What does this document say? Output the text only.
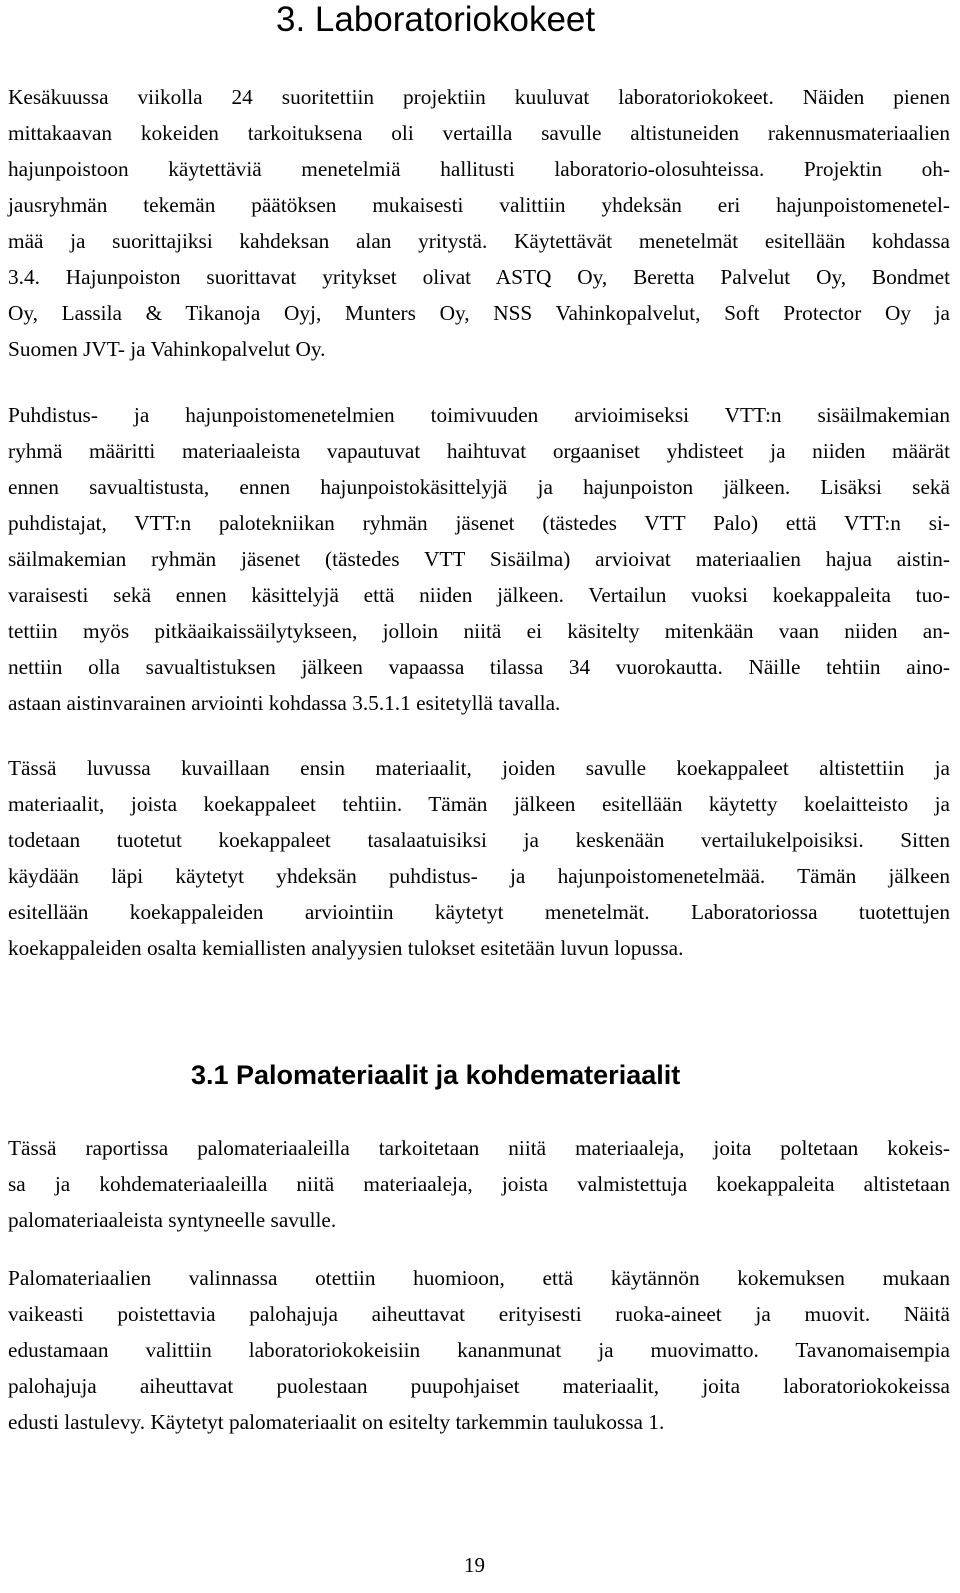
3. Laboratoriokokeet
Kesäkuussa viikolla 24 suoritettiin projektiin kuuluvat laboratoriokokeet. Näiden pienen
mittakaavan kokeiden tarkoituksena oli vertailla savulle altistuneiden rakennusmateriaalien
hajunpoistoon käytettäviä menetelmiä hallitusti laboratorio-olosuhteissa. Projektin oh-
jausryhmän tekemän päätöksen mukaisesti valittiin yhdeksän eri hajunpoistomenetel-
mää ja suorittajiksi kahdeksan alan yritystä. Käytettävät menetelmät esitellään kohdassa
3.4. Hajunpoiston suorittavat yritykset olivat ASTQ Oy, Beretta Palvelut Oy, Bondmet
Oy, Lassila & Tikanoja Oyj, Munters Oy, NSS Vahinkopalvelut, Soft Protector Oy ja
Suomen JVT- ja Vahinkopalvelut Oy.
Puhdistus- ja hajunpoistomenetelmien toimivuuden arvioimiseksi VTT:n sisäilmakemian
ryhmä määritti materiaaleista vapautuvat haihtuvat orgaaniset yhdisteet ja niiden määrät
ennen savualtistusta, ennen hajunpoistokäsittelyjä ja hajunpoiston jälkeen. Lisäksi sekä
puhdistajat, VTT:n palotekniikan ryhmän jäsenet (tästedes VTT Palo) että VTT:n si-
säilmakemian ryhmän jäsenet (tästedes VTT Sisäilma) arvioivat materiaalien hajua aistin-
varaisesti sekä ennen käsittelyjä että niiden jälkeen. Vertailun vuoksi koekappaleita tuo-
tettiin myös pitkäaikaissäilytykseen, jolloin niitä ei käsitelty mitenkään vaan niiden an-
nettiin olla savualtistuksen jälkeen vapaassa tilassa 34 vuorokautta. Näille tehtiin aino-
astaan aistinvarainen arviointi kohdassa 3.5.1.1 esitetyllä tavalla.
Tässä luvussa kuvaillaan ensin materiaalit, joiden savulle koekappaleet altistettiin ja
materiaalit, joista koekappaleet tehtiin. Tämän jälkeen esitellään käytetty koelaitteisto ja
todetaan tuotetut koekappaleet tasalaatuisiksi ja keskenään vertailukelpoisiksi. Sitten
käydään läpi käytetyt yhdeksän puhdistus- ja hajunpoistomenetelmää. Tämän jälkeen
esitellään koekappaleiden arviointiin käytetyt menetelmät. Laboratoriossa tuotettujen
koekappaleiden osalta kemiallisten analyysien tulokset esitetään luvun lopussa.
3.1 Palomateriaalit ja kohdemateriaalit
Tässä raportissa palomateriaaleilla tarkoitetaan niitä materiaaleja, joita poltetaan kokeis-
sa ja kohdemateriaaleilla niitä materiaaleja, joista valmistettuja koekappaleita altistetaan
palomateriaaleista syntyneelle savulle.
Palomateriaalien valinnassa otettiin huomioon, että käytännön kokemuksen mukaan
vaikeasti poistettavia palohajuja aiheuttavat erityisesti ruoka-aineet ja muovit. Näitä
edustamaan valittiin laboratoriokokeisiin kananmunat ja muovimatto. Tavanomaisempia
palohajuja aiheuttavat puolestaan puupohjaiset materiaalit, joita laboratoriokokeissa
edusti lastulevy. Käytetyt palomateriaalit on esitelty tarkemmin taulukossa 1.
19
